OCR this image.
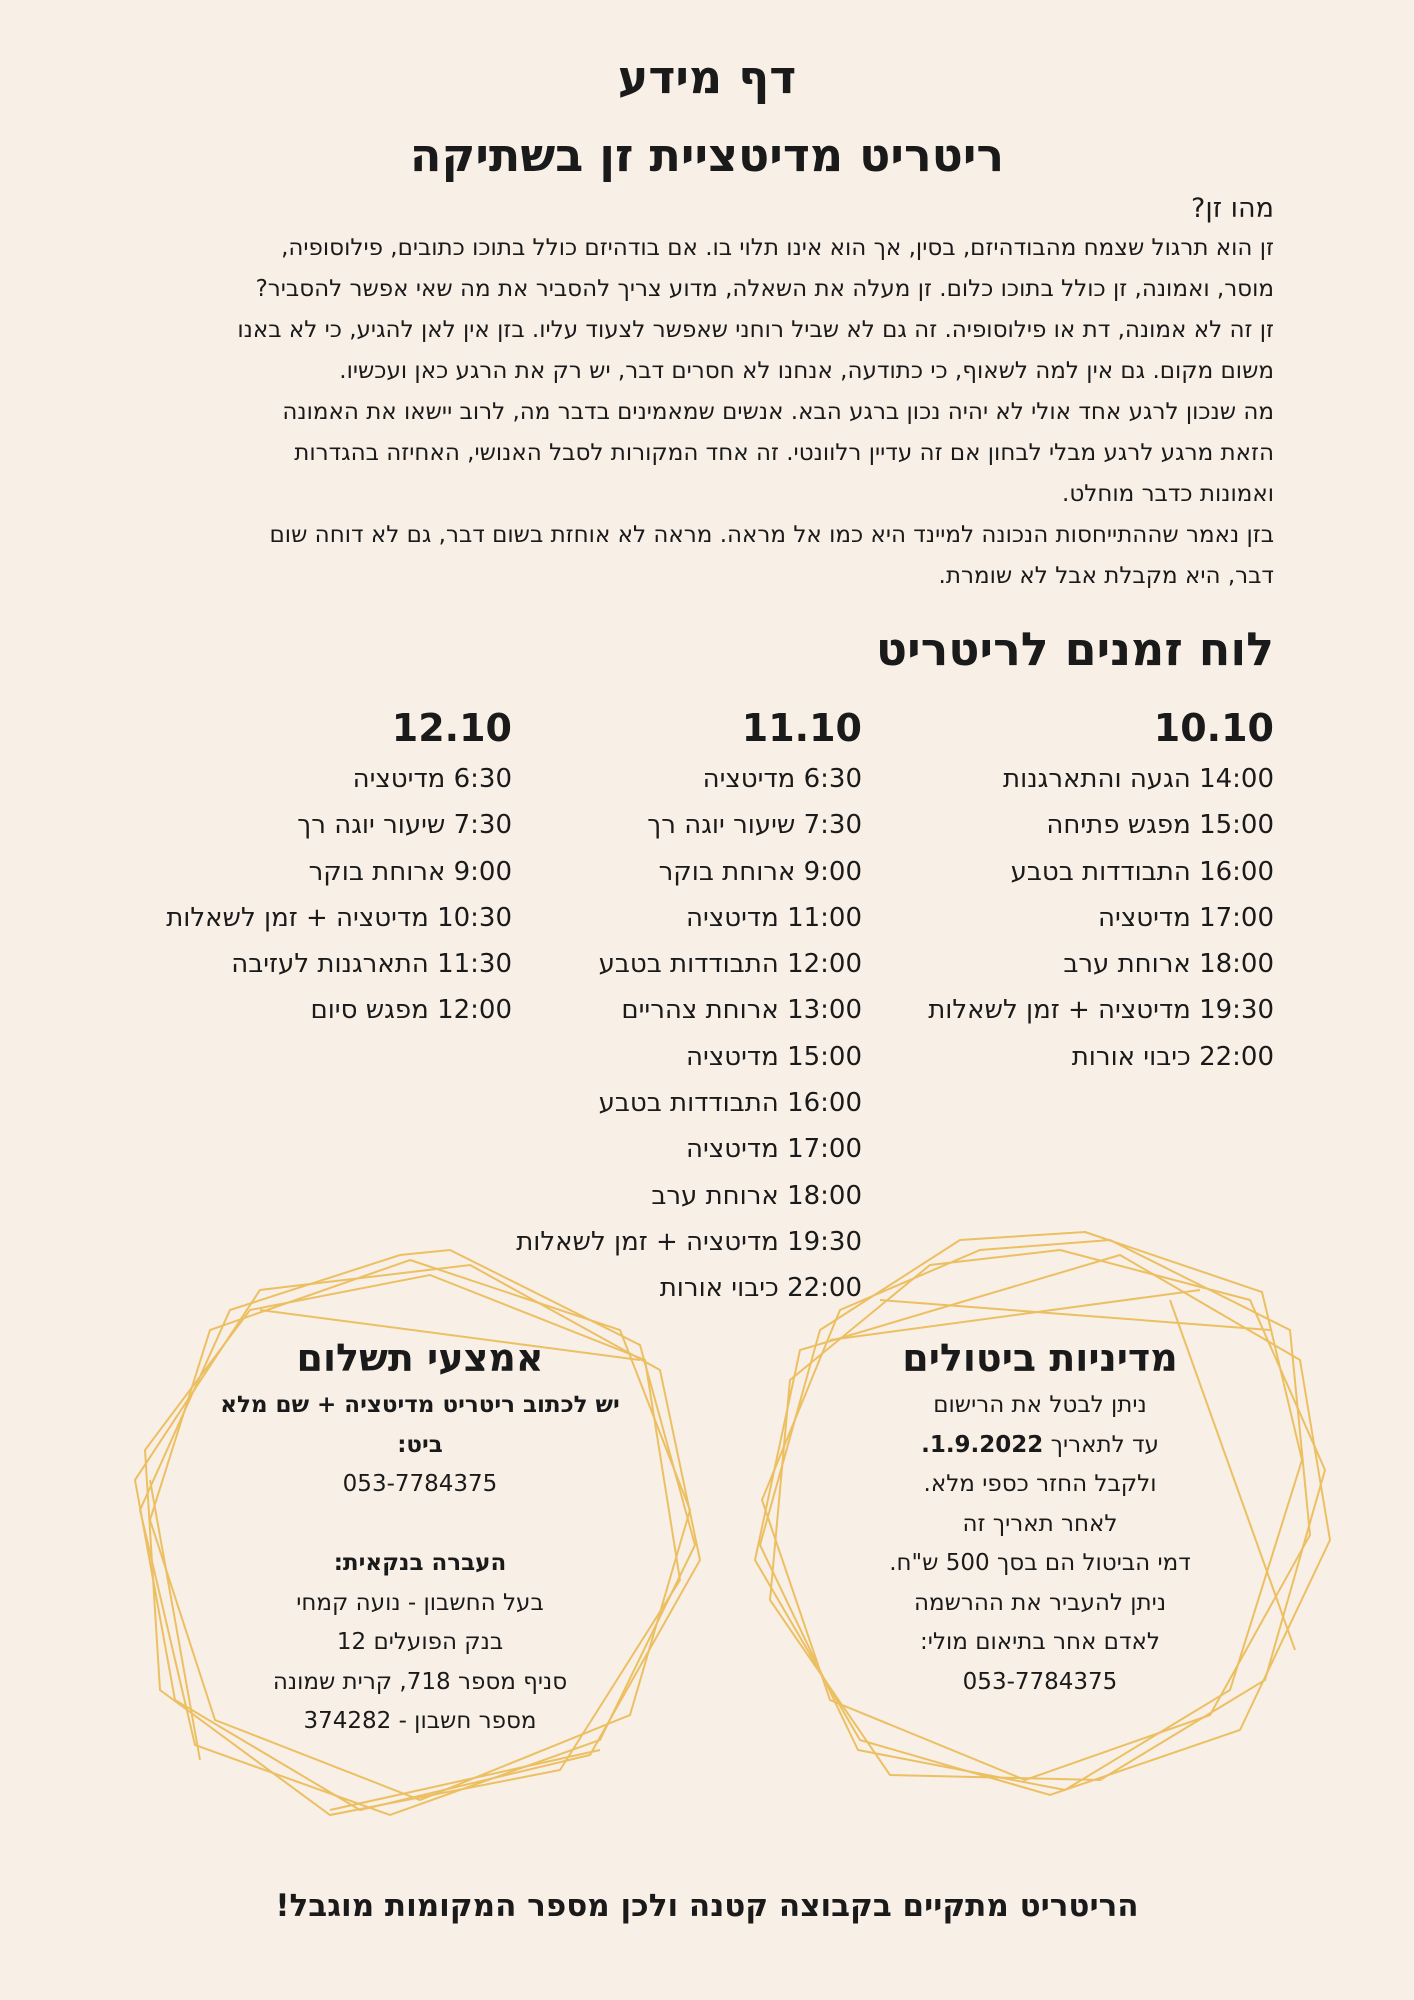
דף מידע
ריטריט מדיטציית זן בשתיקה
מהו זן?

זן הוא תרגול שצמח מהבודהיזם, בסין, אך הוא אינו תלוי בו. אם בודהיזם כולל בתוכו כתובים, פילוסופיה,

מוסר, ואמונה, זן כולל בתוכו כלום. זן מעלה את השאלה, מדוע צריך להסביר את מה שאי אפשר להסביר?

זן זה לא אמונה, דת או פילוסופיה. זה גם לא שביל רוחני שאפשר לצעוד עליו. בזן אין לאן להגיע, כי לא באנו

משום מקום. גם אין למה לשאוף, כי כתודעה, אנחנו לא חסרים דבר, יש רק את הרגע כאן ועכשיו.

מה שנכון לרגע אחד אולי לא יהיה נכון ברגע הבא. אנשים שמאמינים בדבר מה, לרוב יישאו את האמונה

הזאת מרגע לרגע מבלי לבחון אם זה עדיין רלוונטי. זה אחד המקורות לסבל האנושי, האחיזה בהגדרות

ואמונות כדבר מוחלט.

בזן נאמר שההתייחסות הנכונה למיינד היא כמו אל מראה. מראה לא אוחזת בשום דבר, גם לא דוחה שום

דבר, היא מקבלת אבל לא שומרת.

לוח זמנים לריטריט
10.10
14:00 הגעה והתארגנות
15:00 מפגש פתיחה
16:00 התבודדות בטבע
17:00 מדיטציה
18:00 ארוחת ערב
19:30 מדיטציה + זמן לשאלות
22:00 כיבוי אורות
11.10
6:30 מדיטציה
7:30 שיעור יוגה רך
9:00 ארוחת בוקר
11:00 מדיטציה
12:00 התבודדות בטבע
13:00 ארוחת צהריים
15:00 מדיטציה
16:00 התבודדות בטבע
17:00 מדיטציה
18:00 ארוחת ערב
19:30 מדיטציה + זמן לשאלות
22:00 כיבוי אורות
12.10
6:30 מדיטציה
7:30 שיעור יוגה רך
9:00 ארוחת בוקר
10:30 מדיטציה + זמן לשאלות
11:30 התארגנות לעזיבה
12:00 מפגש סיום
מדיניות ביטולים
ניתן לבטל את הרישום
עד לתאריך 1.9.2022.
ולקבל החזר כספי מלא.
לאחר תאריך זה
דמי הביטול הם בסך 500 ש"ח.
ניתן להעביר את ההרשמה
לאדם אחר בתיאום מולי:
053-7784375
אמצעי תשלום
יש לכתוב ריטריט מדיטציה + שם מלא
ביט:
053-7784375

העברה בנקאית:
בעל החשבון - נועה קמחי
בנק הפועלים 12
סניף מספר 718, קרית שמונה
מספר חשבון - 374282
הריטריט מתקיים בקבוצה קטנה ולכן מספר המקומות מוגבל!
